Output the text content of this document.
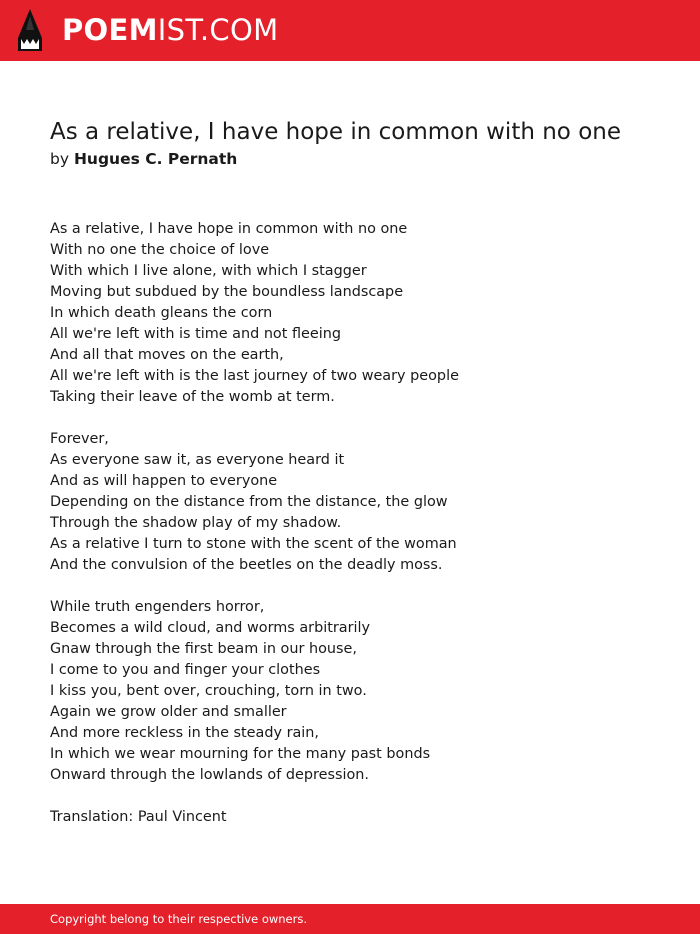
POEMIST.COM
As a relative, I have hope in common with no one
by Hugues C. Pernath
As a relative, I have hope in common with no one
With no one the choice of love
With which I live alone, with which I stagger
Moving but subdued by the boundless landscape
In which death gleans the corn
All we're left with is time and not fleeing
And all that moves on the earth,
All we're left with is the last journey of two weary people
Taking their leave of the womb at term.
Forever,
As everyone saw it, as everyone heard it
And as will happen to everyone
Depending on the distance from the distance, the glow
Through the shadow play of my shadow.
As a relative I turn to stone with the scent of the woman
And the convulsion of the beetles on the deadly moss.
While truth engenders horror,
Becomes a wild cloud, and worms arbitrarily
Gnaw through the first beam in our house,
I come to you and finger your clothes
I kiss you, bent over, crouching, torn in two.
Again we grow older and smaller
And more reckless in the steady rain,
In which we wear mourning for the many past bonds
Onward through the lowlands of depression.
Translation: Paul Vincent
Copyright belong to their respective owners.
